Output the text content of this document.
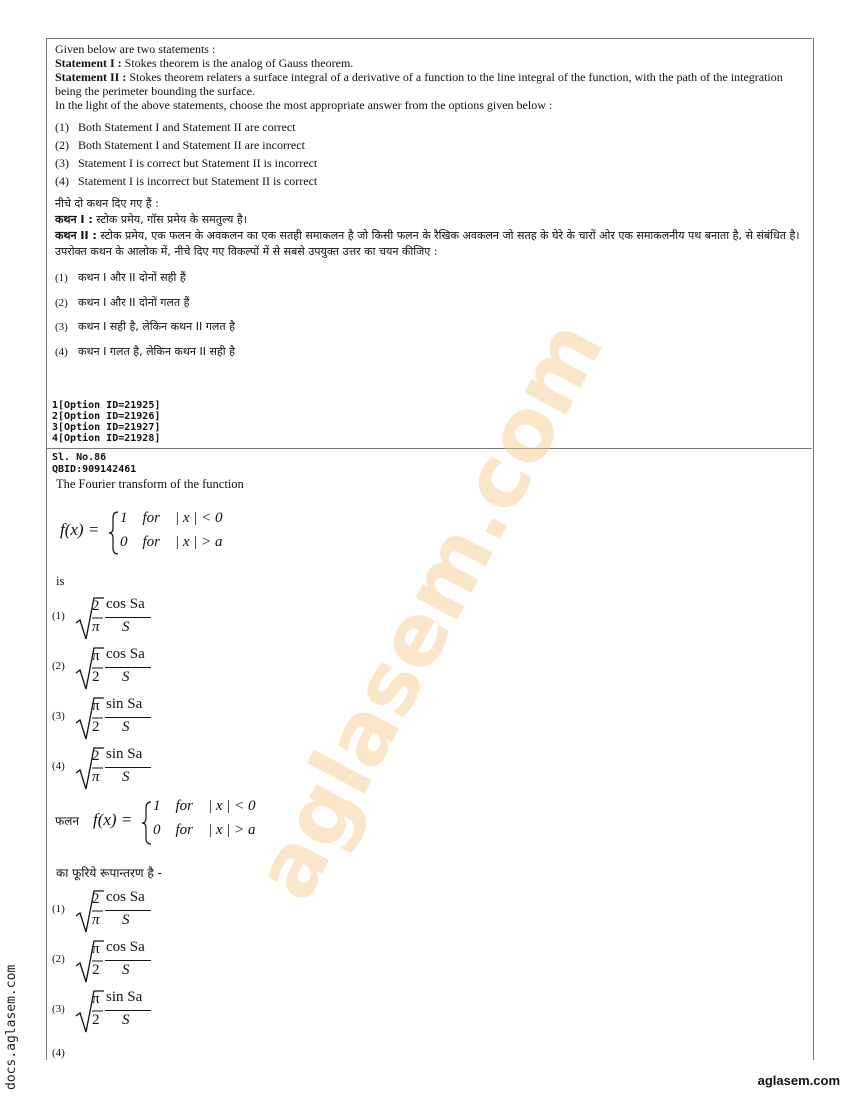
Given below are two statements :

Statement I : Stokes theorem is the analog of Gauss theorem.

Statement II : Stokes theorem relaters a surface integral of a derivative of a function to the line integral of the function, with the path of the integration being the perimeter bounding the surface.

In the light of the above statements, choose the most appropriate answer from the options given below :

(1) Both Statement I and Statement II are correct
(2) Both Statement I and Statement II are incorrect
(3) Statement I is correct but Statement II is incorrect
(4) Statement I is incorrect but Statement II is correct

नीचे दो कथन दिए गए हैं :

कथन I : स्टोक प्रमेय, गॉस प्रमेय के समतुल्य है।

कथन II : स्टोक प्रमेय, एक फलन के अवकलन का एक सतही समाकलन है जो किसी फलन के रैखिक अवकलन जो सतह के घेरे के चारों ओर एक समाकलनीय पथ बनाता है, से संबंधित है।

उपरोक्त कथन के आलोक में, नीचे दिए गए विकल्पों में से सबसे उपयुक्त उत्तर का चयन कीजिए :

(1) कथन I और II दोनों सही हैं
(2) कथन I और II दोनों गलत हैं
(3) कथन I सही है, लेकिन कथन II गलत है
(4) कथन I गलत है, लेकिन कथन II सही है
1[Option ID=21925]
2[Option ID=21926]
3[Option ID=21927]
4[Option ID=21928]
Sl. No.86
QBID:909142461
The Fourier transform of the function
f(x) =
1    for    | x | < 0
0    for    | x | > a
is
(1)
2
π
cos Sa
S
(2)
π
2
cos Sa
S
(3)
π
2
sin Sa
S
(4)
2
π
sin Sa
S
फलन f(x) =
1    for    | x | < 0
0    for    | x | > a
का फूरिये रूपान्तरण है -
(1)
2
π
cos Sa
S
(2)
π
2
cos Sa
S
(3)
π
2
sin Sa
S
(4)
aglasem.com
docs.aglasem.com	aglasem.com
